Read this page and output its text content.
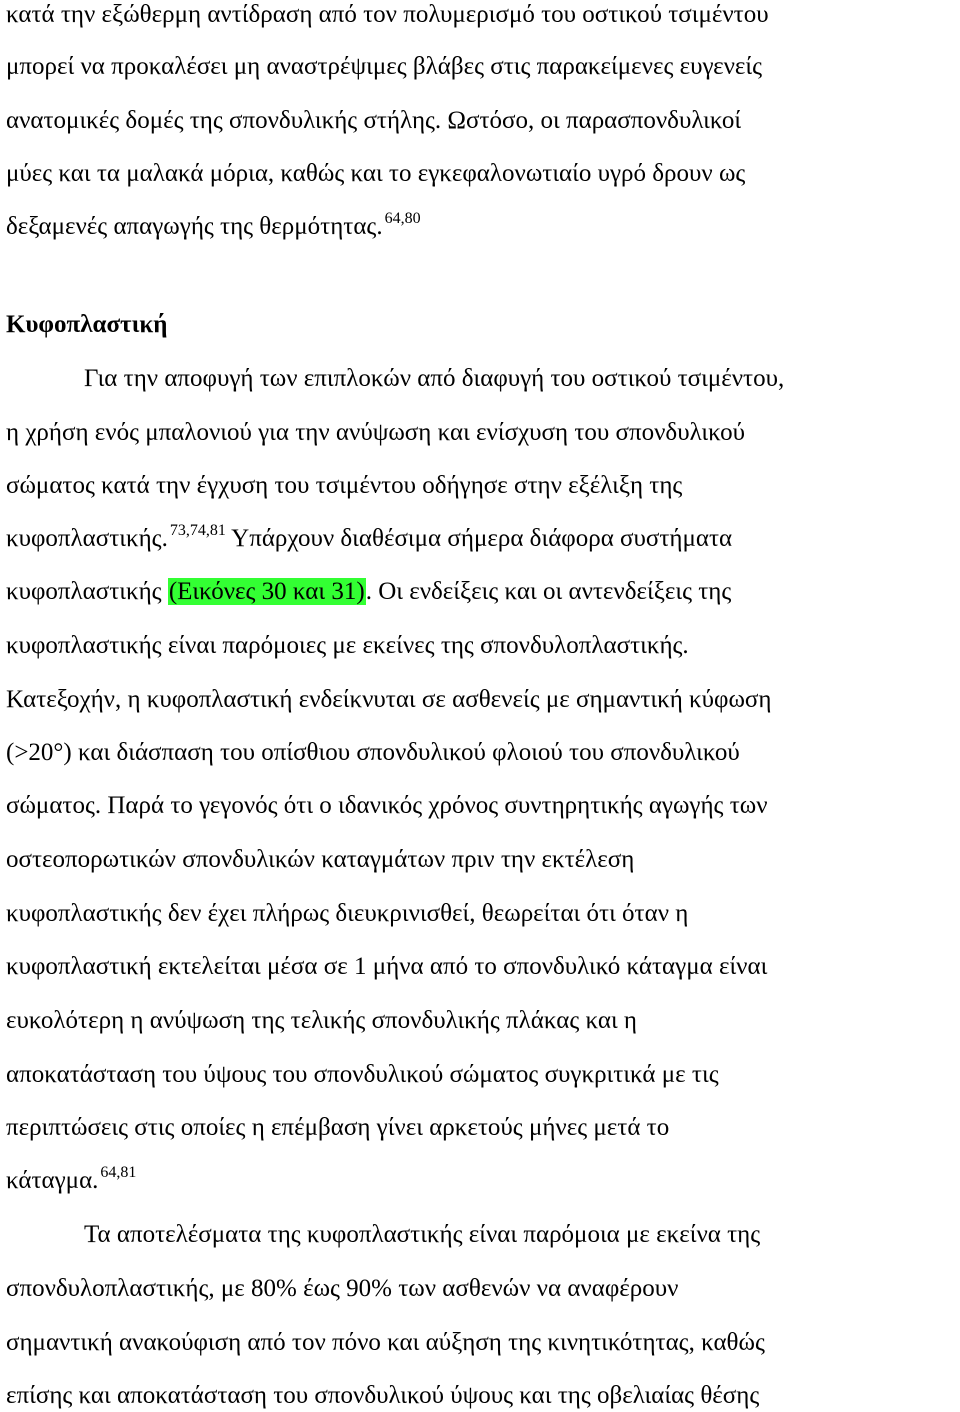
κατά την εξώθερμη αντίδραση από τον πολυμερισμό του οστικού τσιμέντου
μπορεί να προκαλέσει μη αναστρέψιμες βλάβες στις παρακείμενες ευγενείς
ανατομικές δομές της σπονδυλικής στήλης. Ωστόσο, οι παρασπονδυλικοί
μύες και τα μαλακά μόρια, καθώς και το εγκεφαλονωτιαίο υγρό δρουν ως
δεξαμενές απαγωγής της θερμότητας. $^{64,80}$
Κυφοπλαστική
Για την αποφυγή των επιπλοκών από διαφυγή του οστικού τσιμέντου,
η χρήση ενός μπαλονιού για την ανύψωση και ενίσχυση του σπονδυλικού
σώματος κατά την έγχυση του τσιμέντου οδήγησε στην εξέλιξη της
κυφοπλαστικής. $^{73,74,81}$ Υπάρχουν διαθέσιμα σήμερα διάφορα συστήματα
κυφοπλαστικής (Εικόνες 30 και 31). Οι ενδείξεις και οι αντενδείξεις της
κυφοπλαστικής είναι παρόμοιες με εκείνες της σπονδυλοπλαστικής.
Κατεξοχήν, η κυφοπλαστική ενδείκνυται σε ασθενείς με σημαντική κύφωση
(>20°) και διάσπαση του οπίσθιου σπονδυλικού φλοιού του σπονδυλικού
σώματος. Παρά το γεγονός ότι ο ιδανικός χρόνος συντηρητικής αγωγής των
οστεοπορωτικών σπονδυλικών καταγμάτων πριν την εκτέλεση
κυφοπλαστικής δεν έχει πλήρως διευκρινισθεί, θεωρείται ότι όταν η
κυφοπλαστική εκτελείται μέσα σε 1 μήνα από το σπονδυλικό κάταγμα είναι
ευκολότερη η ανύψωση της τελικής σπονδυλικής πλάκας και η
αποκατάσταση του ύψους του σπονδυλικού σώματος συγκριτικά με τις
περιπτώσεις στις οποίες η επέμβαση γίνει αρκετούς μήνες μετά το
κάταγμα. $^{64,81}$
Τα αποτελέσματα της κυφοπλαστικής είναι παρόμοια με εκείνα της
σπονδυλοπλαστικής, με 80% έως 90% των ασθενών να αναφέρουν
σημαντική ανακούφιση από τον πόνο και αύξηση της κινητικότητας, καθώς
επίσης και αποκατάσταση του σπονδυλικού ύψους και της οβελιαίας θέσης
